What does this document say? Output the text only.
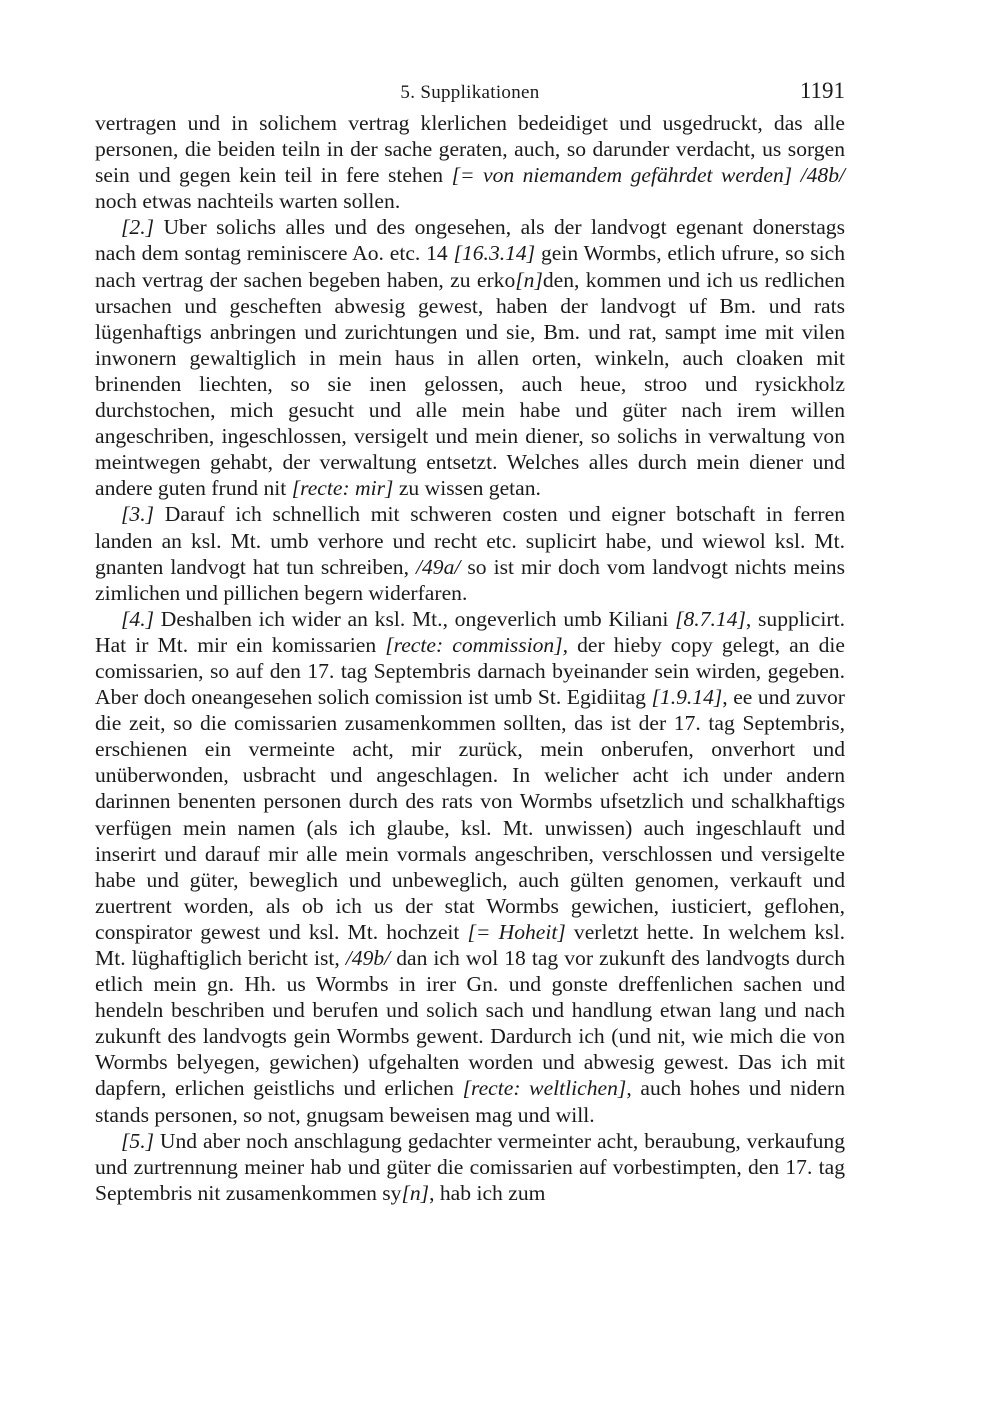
5. Supplikationen	1191

vertragen und in solichem vertrag klerlichen bedeidiget und usgedruckt, das alle personen, die beiden teiln in der sache geraten, auch, so darunder verdacht, us sorgen sein und gegen kein teil in fere stehen [= von niemandem gefährdet werden] /48b/ noch etwas nachteils warten sollen.

[2.] Uber solichs alles und des ongesehen, als der landvogt egenant donerstags nach dem sontag reminiscere Ao. etc. 14 [16.3.14] gein Wormbs, etlich ufrure, so sich nach vertrag der sachen begeben haben, zu erko[n]den, kommen und ich us redlichen ursachen und gescheften abwesig gewest, haben der landvogt uf Bm. und rats lügenhaftigs anbringen und zurichtungen und sie, Bm. und rat, sampt ime mit vilen inwonern gewaltiglich in mein haus in allen orten, winkeln, auch cloaken mit brinenden liechten, so sie inen gelossen, auch heue, stroo und rysickholz durchstochen, mich gesucht und alle mein habe und güter nach irem willen angeschriben, ingeschlossen, versigelt und mein diener, so solichs in verwaltung von meintwegen gehabt, der verwaltung entsetzt. Welches alles durch mein diener und andere guten frund nit [recte: mir] zu wissen getan.

[3.] Darauf ich schnellich mit schweren costen und eigner botschaft in ferren landen an ksl. Mt. umb verhore und recht etc. suplicirt habe, und wiewol ksl. Mt. gnanten landvogt hat tun schreiben, /49a/ so ist mir doch vom landvogt nichts meins zimlichen und pillichen begern widerfaren.

[4.] Deshalben ich wider an ksl. Mt., ongeverlich umb Kiliani [8.7.14], supplicirt. Hat ir Mt. mir ein komissarien [recte: commission], der hieby copy gelegt, an die comissarien, so auf den 17. tag Septembris darnach byeinander sein wirden, gegeben. Aber doch oneangesehen solich comission ist umb St. Egidiitag [1.9.14], ee und zuvor die zeit, so die comissarien zusamenkommen sollten, das ist der 17. tag Septembris, erschienen ein vermeinte acht, mir zurück, mein onberufen, onverhort und unüberwonden, usbracht und angeschlagen. In welicher acht ich under andern darinnen benenten personen durch des rats von Wormbs ufsetzlich und schalkhaftigs verfügen mein namen (als ich glaube, ksl. Mt. unwissen) auch ingeschlauft und inserirt und darauf mir alle mein vormals angeschriben, verschlossen und versigelte habe und güter, beweglich und unbeweglich, auch gülten genomen, verkauft und zuertrent worden, als ob ich us der stat Wormbs gewichen, iusticiert, geflohen, conspirator gewest und ksl. Mt. hochzeit [= Hoheit] verletzt hette. In welchem ksl. Mt. lüghaftiglich bericht ist, /49b/ dan ich wol 18 tag vor zukunft des landvogts durch etlich mein gn. Hh. us Wormbs in irer Gn. und gonste dreffenlichen sachen und hendeln beschriben und berufen und solich sach und handlung etwan lang und nach zukunft des landvogts gein Wormbs gewent. Dardurch ich (und nit, wie mich die von Wormbs belyegen, gewichen) ufgehalten worden und abwesig gewest. Das ich mit dapfern, erlichen geistlichs und erlichen [recte: weltlichen], auch hohes und nidern stands personen, so not, gnugsam beweisen mag und will.

[5.] Und aber noch anschlagung gedachter vermeinter acht, beraubung, verkaufung und zurtrennung meiner hab und güter die comissarien auf vorbestimpten, den 17. tag Septembris nit zusamenkommen sy[n], hab ich zum
